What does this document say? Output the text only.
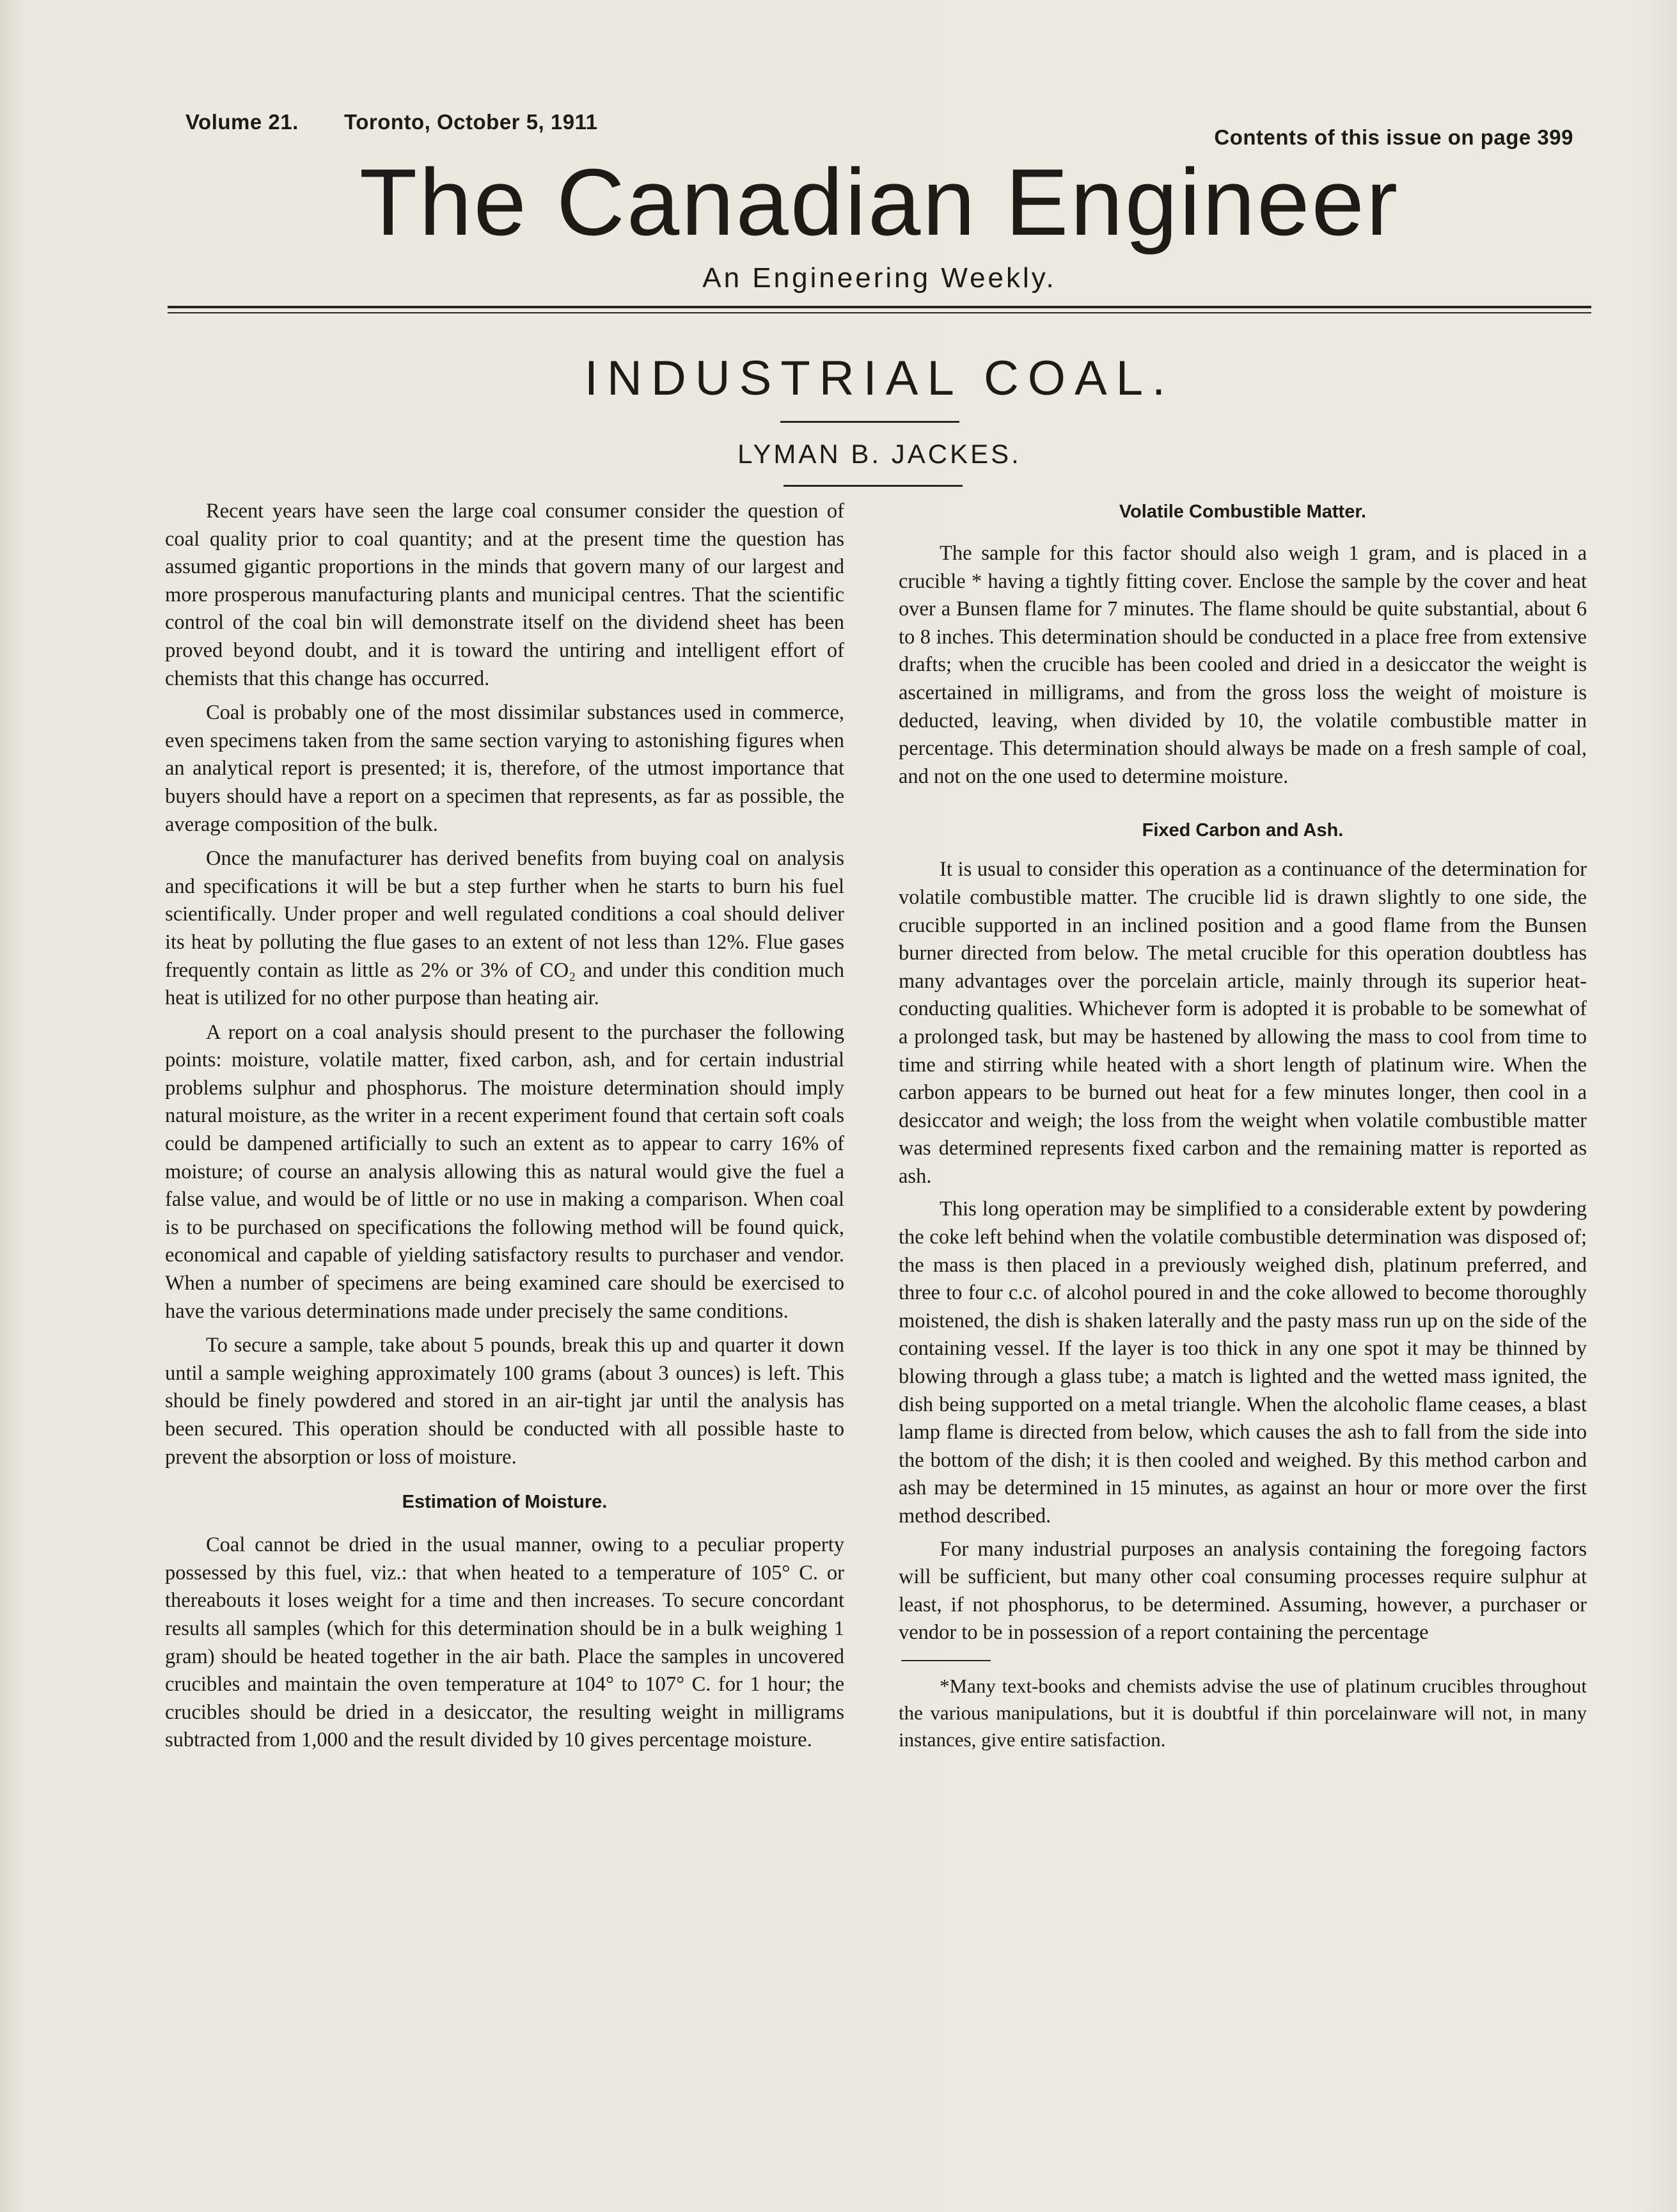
Volume 21. Toronto, October 5, 1911
Contents of this issue on page 399
The Canadian Engineer
An Engineering Weekly.
INDUSTRIAL COAL.
LYMAN B. JACKES.

Recent years have seen the large coal consumer consider the question of coal quality prior to coal quantity; and at the present time the question has assumed gigantic proportions in the minds that govern many of our largest and more prosperous manufacturing plants and municipal centres. That the scientific control of the coal bin will demonstrate itself on the dividend sheet has been proved beyond doubt, and it is toward the untiring and intelligent effort of chemists that this change has occurred.

Coal is probably one of the most dissimilar substances used in commerce, even specimens taken from the same section varying to astonishing figures when an analytical report is presented; it is, therefore, of the utmost importance that buyers should have a report on a specimen that represents, as far as possible, the average composition of the bulk.

Once the manufacturer has derived benefits from buying coal on analysis and specifications it will be but a step further when he starts to burn his fuel scientifically. Under proper and well regulated conditions a coal should deliver its heat by polluting the flue gases to an extent of not less than 12%. Flue gases frequently contain as little as 2% or 3% of CO₂ and under this condition much heat is utilized for no other purpose than heating air.

A report on a coal analysis should present to the purchaser the following points: moisture, volatile matter, fixed carbon, ash, and for certain industrial problems sulphur and phosphorus. The moisture determination should imply natural moisture, as the writer in a recent experiment found that certain soft coals could be dampened artificially to such an extent as to appear to carry 16% of moisture; of course an analysis allowing this as natural would give the fuel a false value, and would be of little or no use in making a comparison. When coal is to be purchased on specifications the following method will be found quick, economical and capable of yielding satisfactory results to purchaser and vendor. When a number of specimens are being examined care should be exercised to have the various determinations made under precisely the same conditions.

To secure a sample, take about 5 pounds, break this up and quarter it down until a sample weighing approximately 100 grams (about 3 ounces) is left. This should be finely powdered and stored in an air-tight jar until the analysis has been secured. This operation should be conducted with all possible haste to prevent the absorption or loss of moisture.

Estimation of Moisture.

Coal cannot be dried in the usual manner, owing to a peculiar property possessed by this fuel, viz.: that when heated to a temperature of 105° C. or thereabouts it loses weight for a time and then increases. To secure concordant results all samples (which for this determination should be in a bulk weighing 1 gram) should be heated together in the air bath. Place the samples in uncovered crucibles and maintain the oven temperature at 104° to 107° C. for 1 hour; the crucibles should be dried in a desiccator, the resulting weight in milligrams subtracted from 1,000 and the result divided by 10 gives percentage moisture.

Volatile Combustible Matter.

The sample for this factor should also weigh 1 gram, and is placed in a crucible * having a tightly fitting cover. Enclose the sample by the cover and heat over a Bunsen flame for 7 minutes. The flame should be quite substantial, about 6 to 8 inches. This determination should be conducted in a place free from extensive drafts; when the crucible has been cooled and dried in a desiccator the weight is ascertained in milligrams, and from the gross loss the weight of moisture is deducted, leaving, when divided by 10, the volatile combustible matter in percentage. This determination should always be made on a fresh sample of coal, and not on the one used to determine moisture.

Fixed Carbon and Ash.

It is usual to consider this operation as a continuance of the determination for volatile combustible matter. The crucible lid is drawn slightly to one side, the crucible supported in an inclined position and a good flame from the Bunsen burner directed from below. The metal crucible for this operation doubtless has many advantages over the porcelain article, mainly through its superior heat-conducting qualities. Whichever form is adopted it is probable to be somewhat of a prolonged task, but may be hastened by allowing the mass to cool from time to time and stirring while heated with a short length of platinum wire. When the carbon appears to be burned out heat for a few minutes longer, then cool in a desiccator and weigh; the loss from the weight when volatile combustible matter was determined represents fixed carbon and the remaining matter is reported as ash.

This long operation may be simplified to a considerable extent by powdering the coke left behind when the volatile combustible determination was disposed of; the mass is then placed in a previously weighed dish, platinum preferred, and three to four c.c. of alcohol poured in and the coke allowed to become thoroughly moistened, the dish is shaken laterally and the pasty mass run up on the side of the containing vessel. If the layer is too thick in any one spot it may be thinned by blowing through a glass tube; a match is lighted and the wetted mass ignited, the dish being supported on a metal triangle. When the alcoholic flame ceases, a blast lamp flame is directed from below, which causes the ash to fall from the side into the bottom of the dish; it is then cooled and weighed. By this method carbon and ash may be determined in 15 minutes, as against an hour or more over the first method described.

For many industrial purposes an analysis containing the foregoing factors will be sufficient, but many other coal consuming processes require sulphur at least, if not phosphorus, to be determined. Assuming, however, a purchaser or vendor to be in possession of a report containing the percentage

*Many text-books and chemists advise the use of platinum crucibles throughout the various manipulations, but it is doubtful if thin porcelainware will not, in many instances, give entire satisfaction.
